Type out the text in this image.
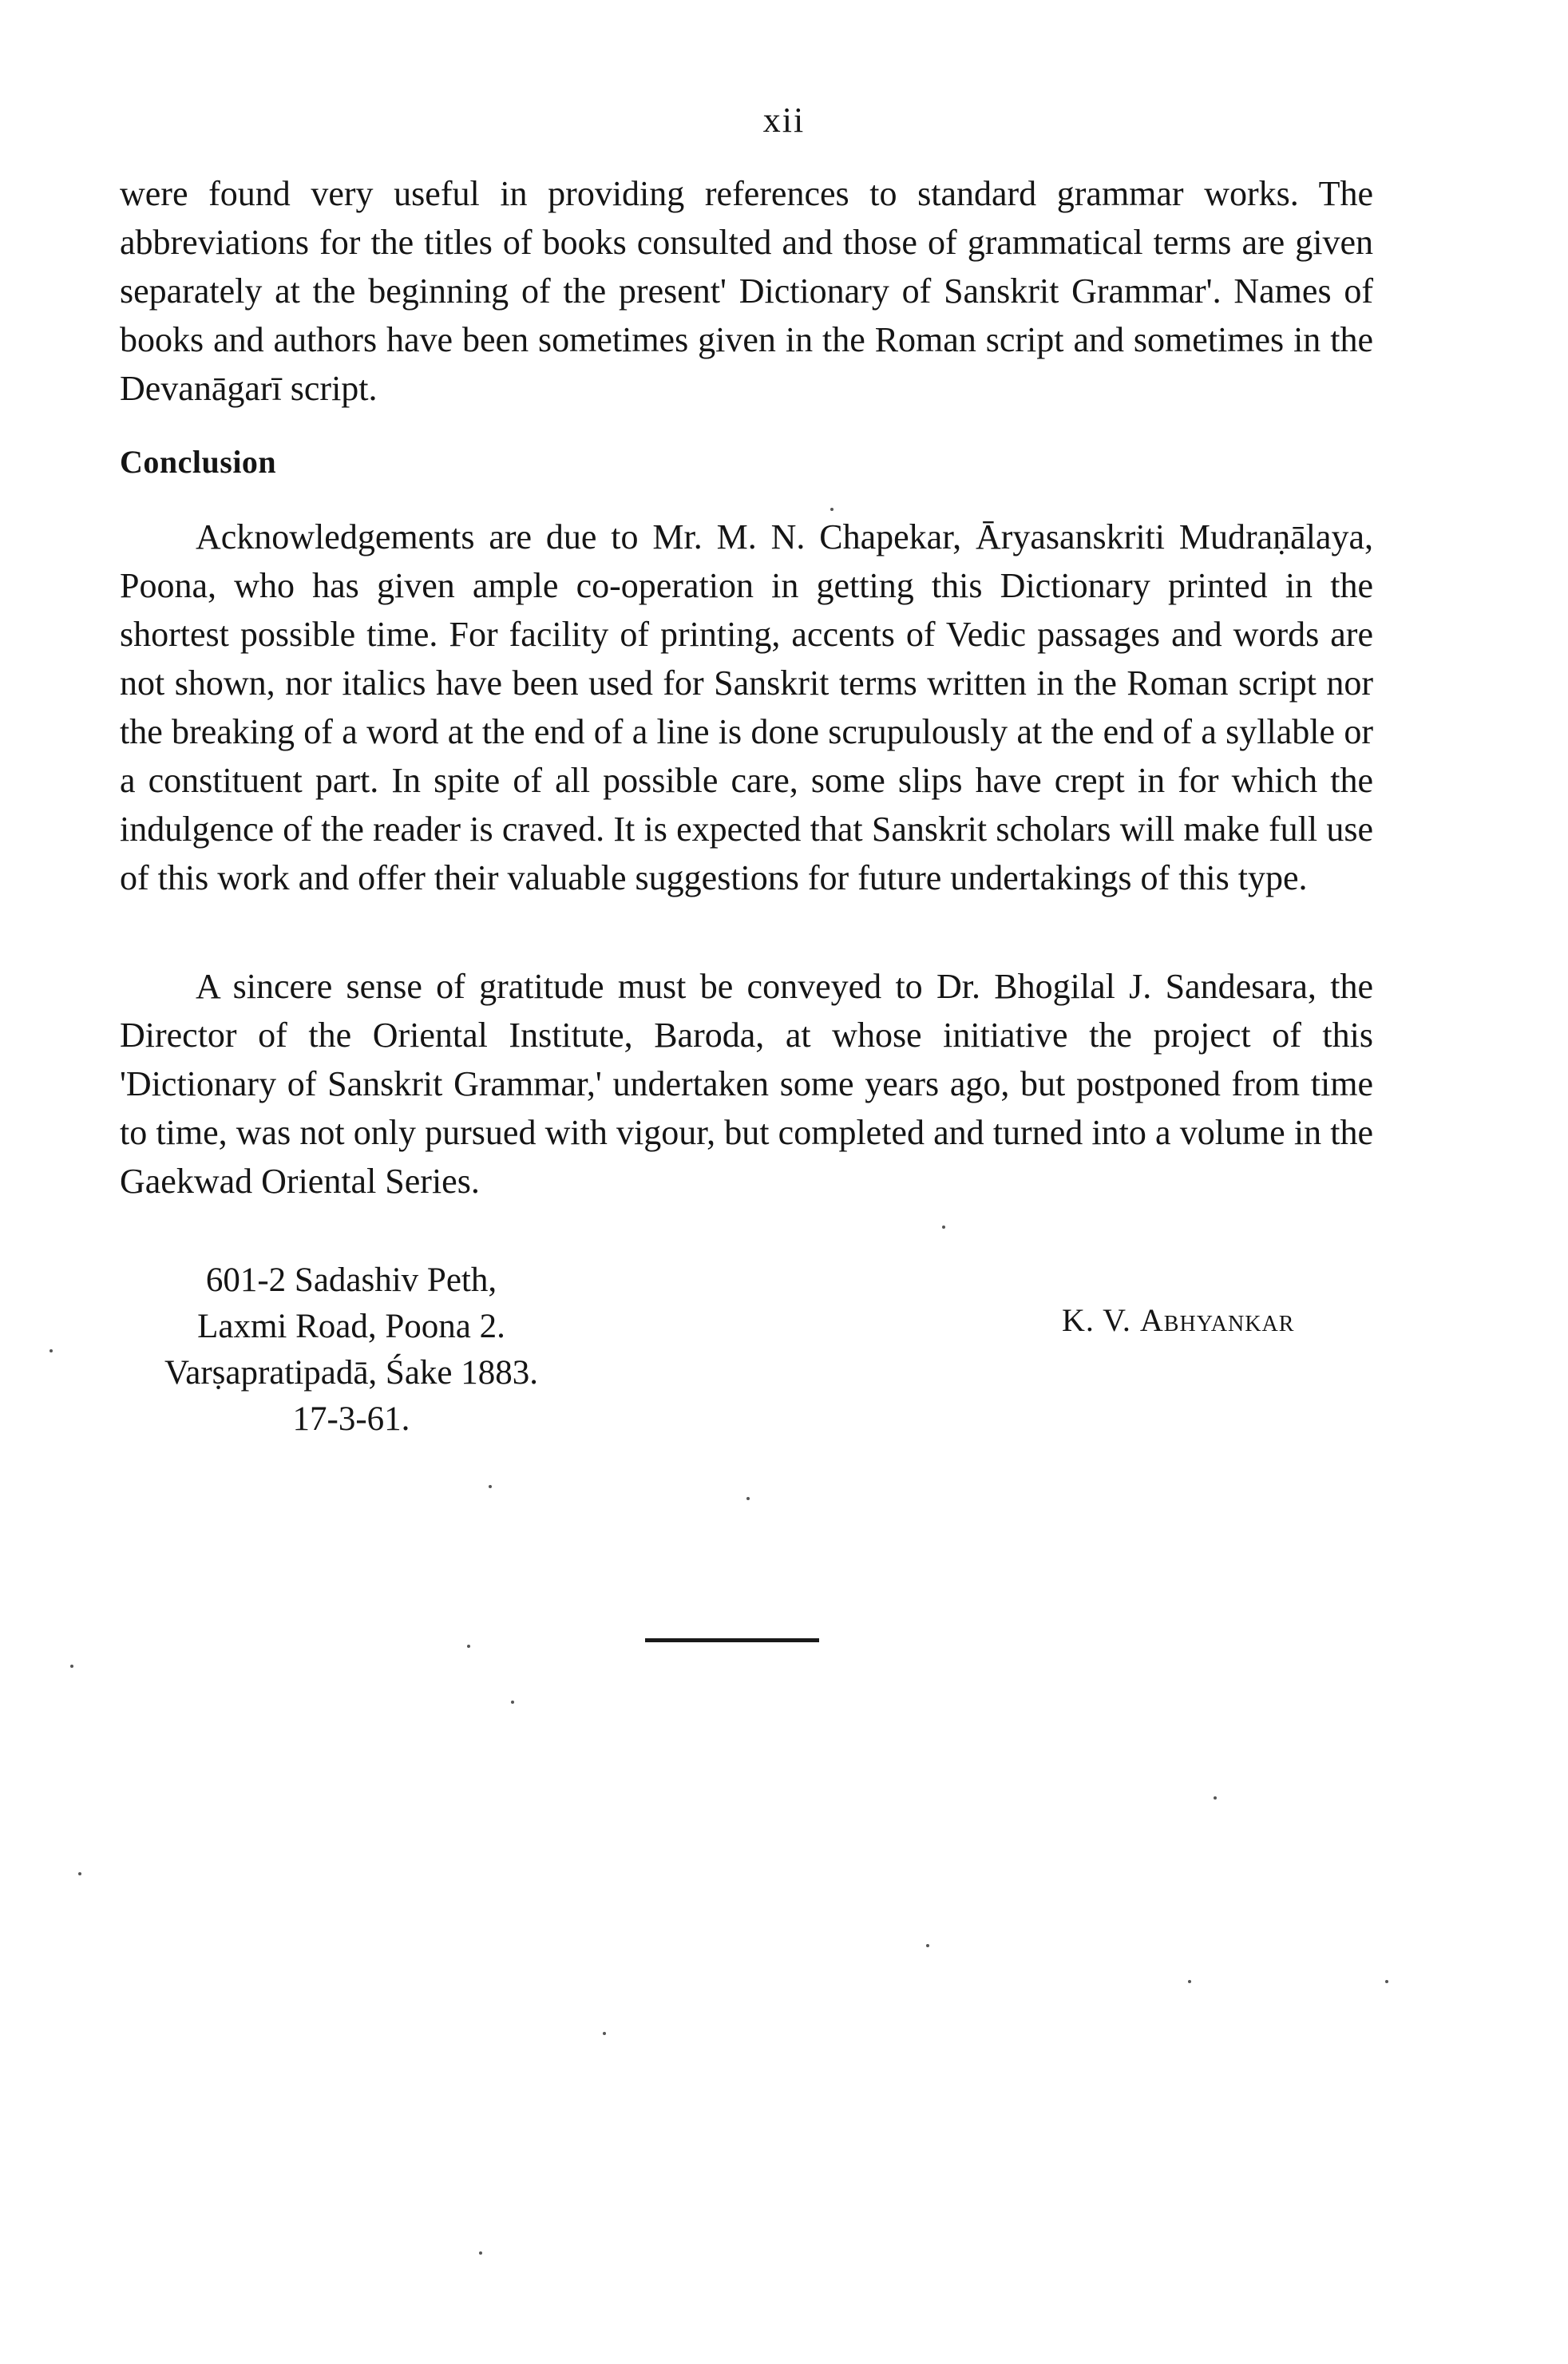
xii

were found very useful in providing references to standard grammar works. The abbreviations for the titles of books consulted and those of grammatical terms are given separately at the beginning of the present' Dictionary of Sanskrit Grammar'. Names of books and authors have been sometimes given in the Roman script and sometimes in the Devanāgarī script.

Conclusion

Acknowledgements are due to Mr. M. N. Chapekar, Āryasanskriti Mudraṇālaya, Poona, who has given ample co-operation in getting this Dictionary printed in the shortest possible time. For facility of printing, accents of Vedic passages and words are not shown, nor italics have been used for Sanskrit terms written in the Roman script nor the breaking of a word at the end of a line is done scrupulously at the end of a syllable or a constituent part. In spite of all possible care, some slips have crept in for which the indulgence of the reader is craved. It is expected that Sanskrit scholars will make full use of this work and offer their valuable suggestions for future undertakings of this type.

A sincere sense of gratitude must be conveyed to Dr. Bhogilal J. Sandesara, the Director of the Oriental Institute, Baroda, at whose initiative the project of this 'Dictionary of Sanskrit Grammar,' undertaken some years ago, but postponed from time to time, was not only pursued with vigour, but completed and turned into a volume in the Gaekwad Oriental Series.

601-2 Sadashiv Peth,
Laxmi Road, Poona 2.
Varṣapratipadā, Śake 1883.
17-3-61.
K. V. Abhyankar
